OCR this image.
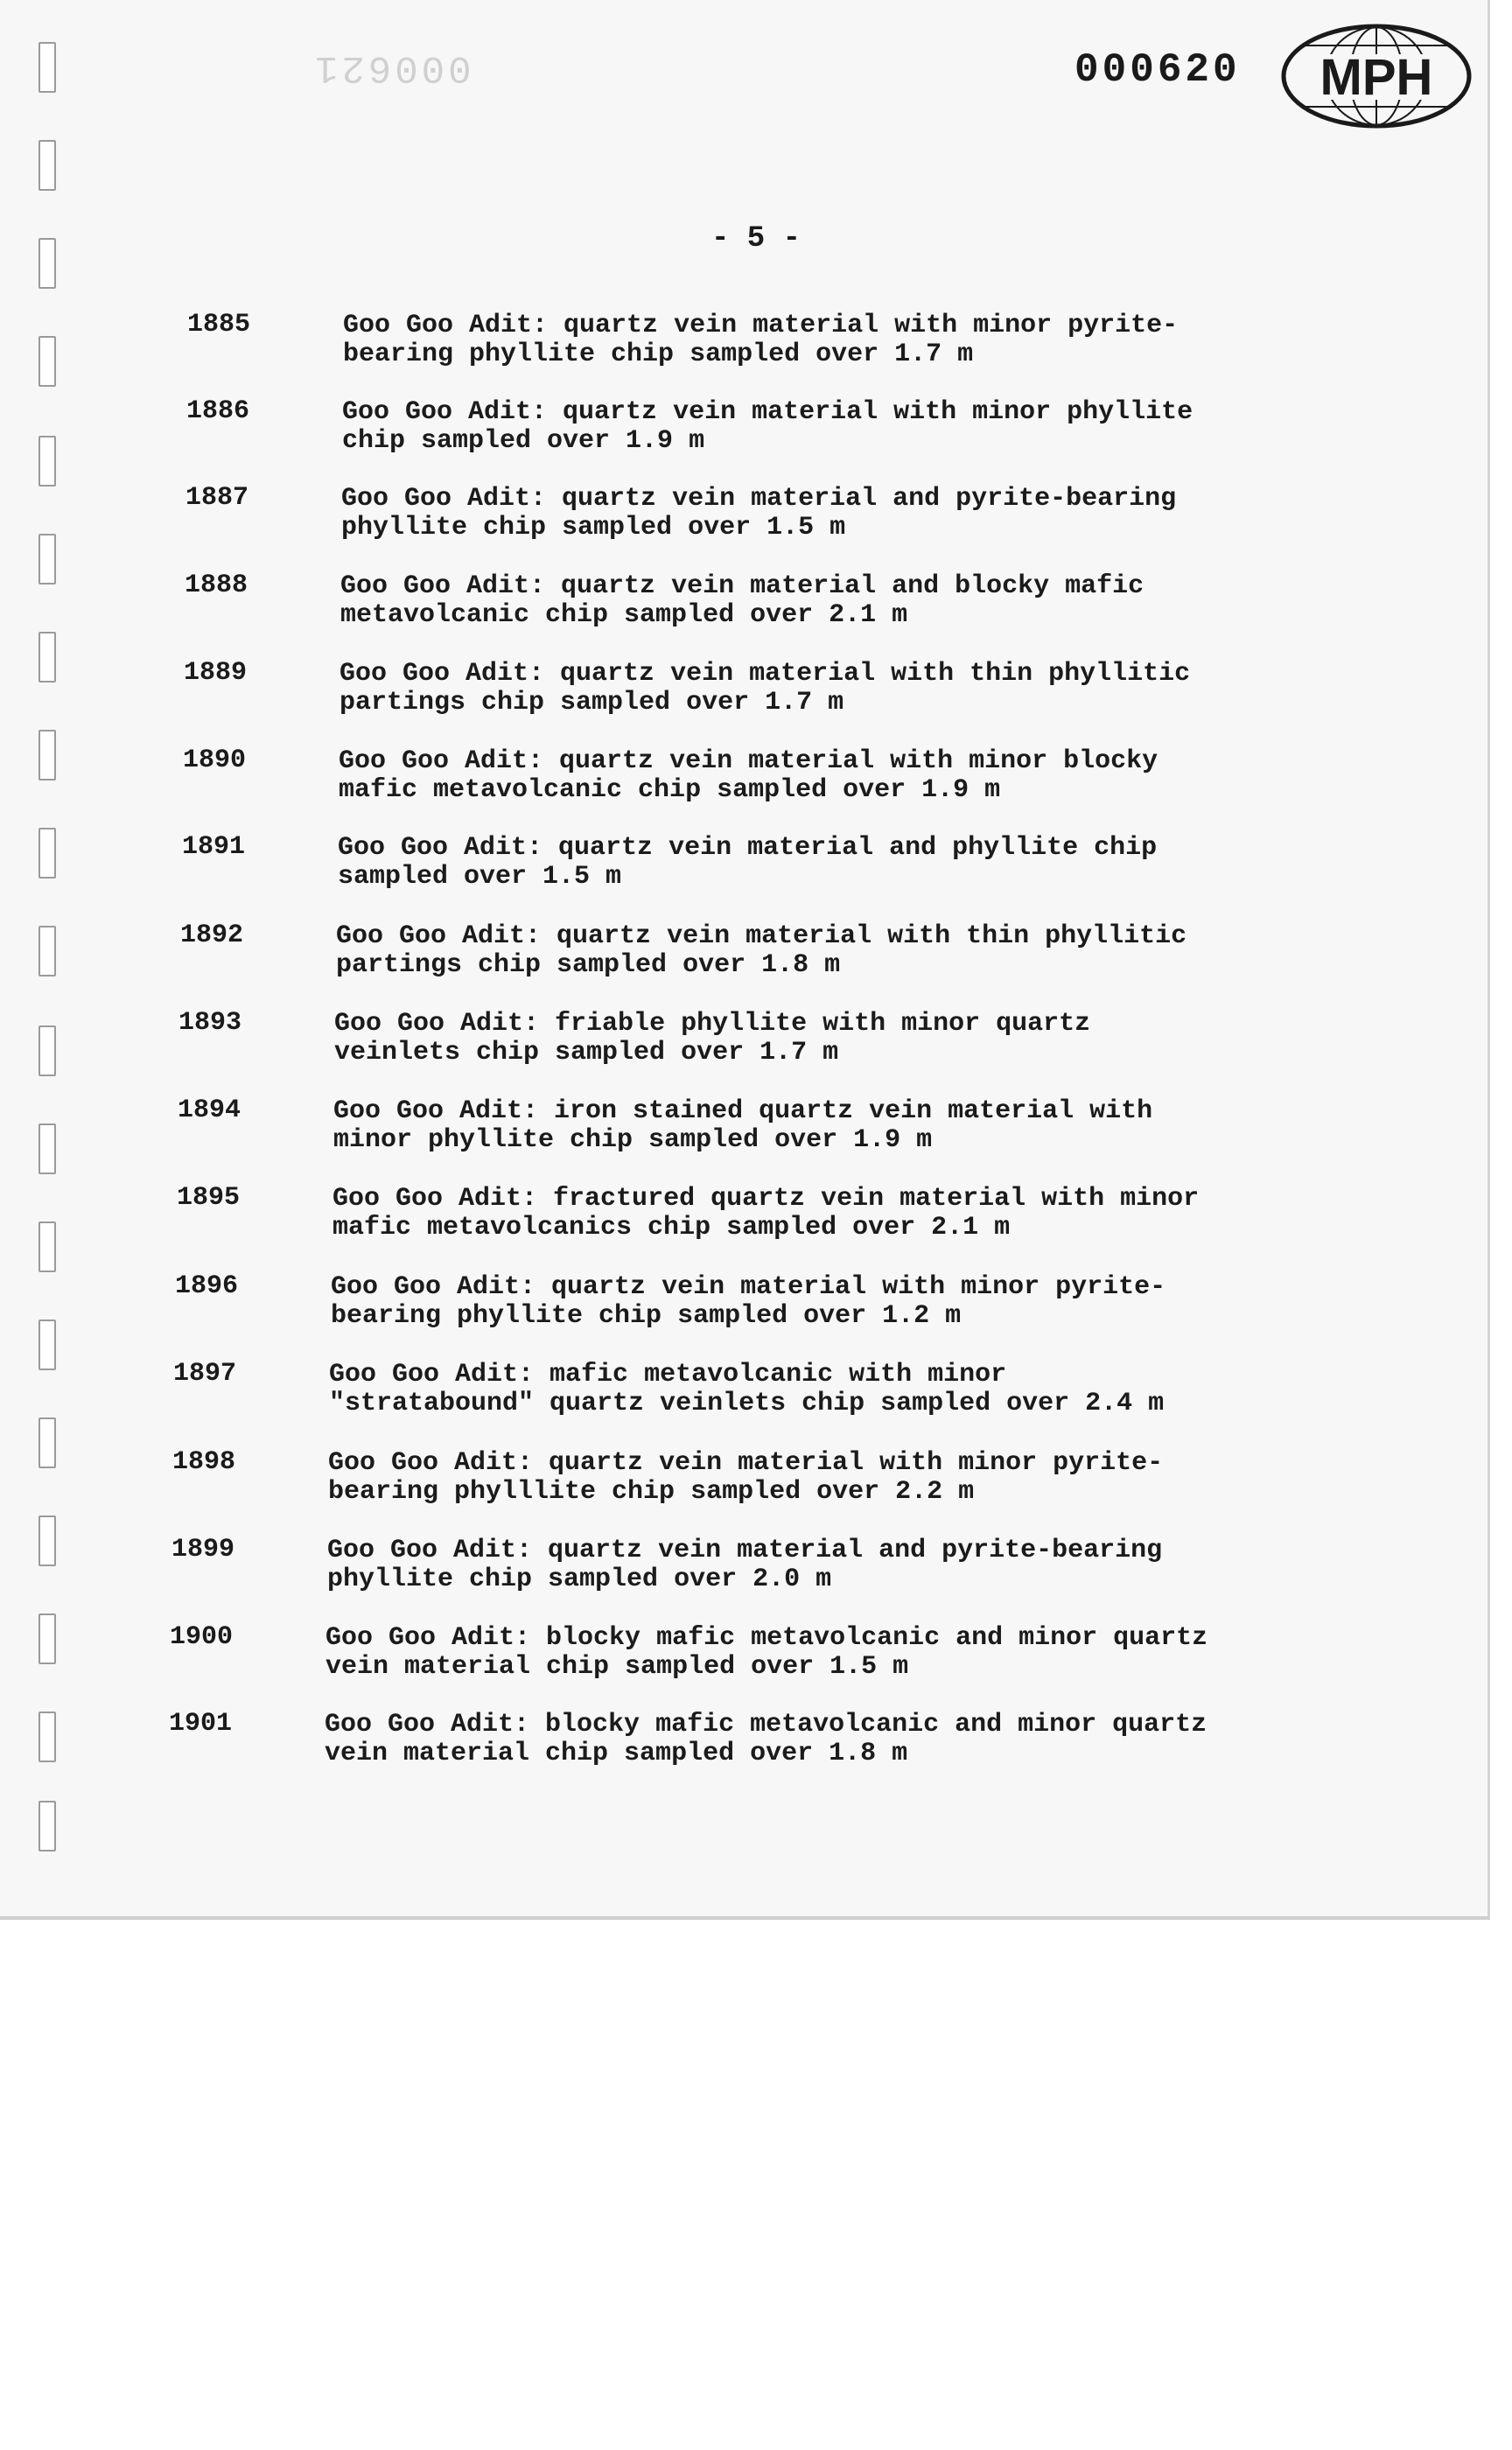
000621	000620 MPH
- 5 -
1885	Goo Goo Adit: quartz vein material with minor pyrite-
bearing phyllite chip sampled over 1.7 m
1886	Goo Goo Adit: quartz vein material with minor phyllite
chip sampled over 1.9 m
1887	Goo Goo Adit: quartz vein material and pyrite-bearing
phyllite chip sampled over 1.5 m
1888	Goo Goo Adit: quartz vein material and blocky mafic
metavolcanic chip sampled over 2.1 m
1889	Goo Goo Adit: quartz vein material with thin phyllitic
partings chip sampled over 1.7 m
1890	Goo Goo Adit: quartz vein material with minor blocky
mafic metavolcanic chip sampled over 1.9 m
1891	Goo Goo Adit: quartz vein material and phyllite chip
sampled over 1.5 m
1892	Goo Goo Adit: quartz vein material with thin phyllitic
partings chip sampled over 1.8 m
1893	Goo Goo Adit: friable phyllite with minor quartz
veinlets chip sampled over 1.7 m
1894	Goo Goo Adit: iron stained quartz vein material with
minor phyllite chip sampled over 1.9 m
1895	Goo Goo Adit: fractured quartz vein material with minor
mafic metavolcanics chip sampled over 2.1 m
1896	Goo Goo Adit: quartz vein material with minor pyrite-
bearing phyllite chip sampled over 1.2 m
1897	Goo Goo Adit: mafic metavolcanic with minor
"stratabound" quartz veinlets chip sampled over 2.4 m
1898	Goo Goo Adit: quartz vein material with minor pyrite-
bearing phylllite chip sampled over 2.2 m
1899	Goo Goo Adit: quartz vein material and pyrite-bearing
phyllite chip sampled over 2.0 m
1900	Goo Goo Adit: blocky mafic metavolcanic and minor quartz
vein material chip sampled over 1.5 m
1901	Goo Goo Adit: blocky mafic metavolcanic and minor quartz
vein material chip sampled over 1.8 m
